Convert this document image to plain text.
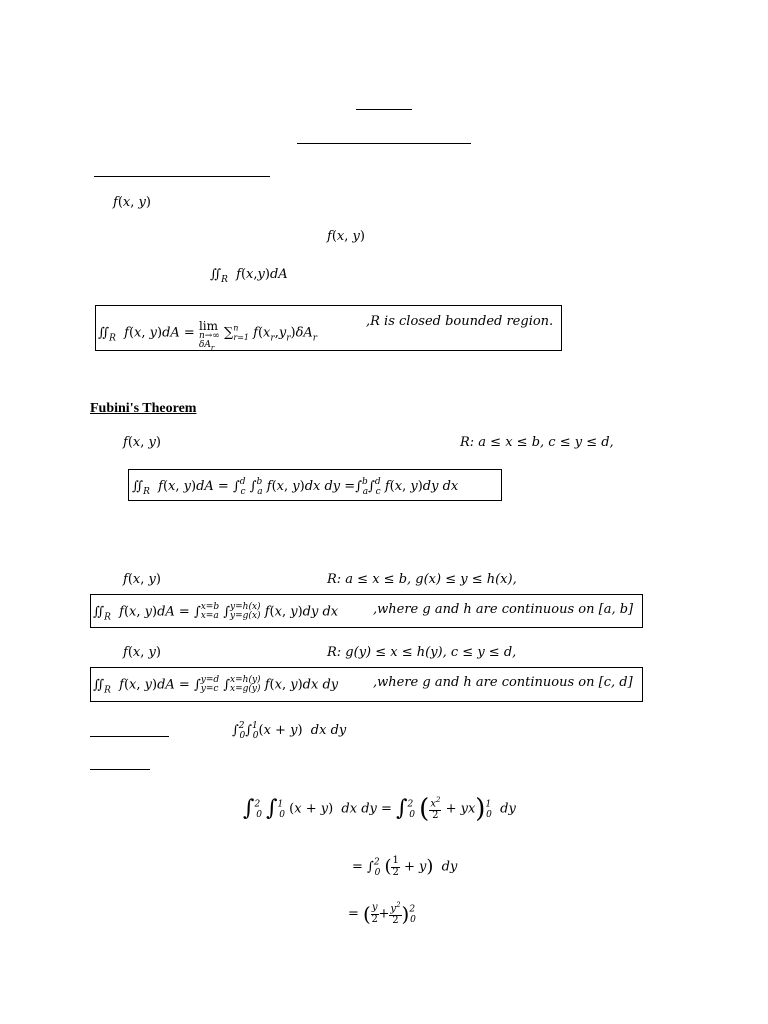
f(x, y)
f(x, y)
$∬_R$  f(x,y)dA
$∬_R$  f(x, y)dA = lim
n→∞
$\delta A_r$
∑$^n_{r=1}$ $f(x_r,y_r)\delta A_r$
,R is closed bounded region.
Fubini's Theorem
f(x, y)	R: a ≤ x ≤ b, c ≤ y ≤ d,
$∬_R$  f(x, y)dA = ∫$^d_c$ ∫$^b_a$ f(x, y)dx dy =∫$^b_a$∫$^d_c$ f(x, y)dy dx
f(x, y)	R: a ≤ x ≤ b, g(x) ≤ y ≤ h(x),
$∬_R$  f(x, y)dA = ∫ x=b
x=a ∫ y=h(x)
y=g(x) f(x, y)dy dx	,where g and h are continuous on [a, b]
f(x, y)	R: g(y) ≤ x ≤ h(y), c ≤ y ≤ d,
$∬_R$  f(x, y)dA = ∫ y=d
y=c ∫ x=h(y)
x=g(y) f(x, y)dx dy	,where g and h are continuous on [c, d]
∫$^2_0$∫$^1_0$(x + y)  dx dy
∫$^2_0$ ∫$^1_0$ (x + y)  dx dy = ∫$^2_0$ ( $\frac{x^2}{2} + yx)^1_0$  dy
= ∫$^2_0$ ( $\frac{1}{2} + y$)  dy
= ( $\frac{y}{2} + \frac{y^2}{2} )^2_0$
